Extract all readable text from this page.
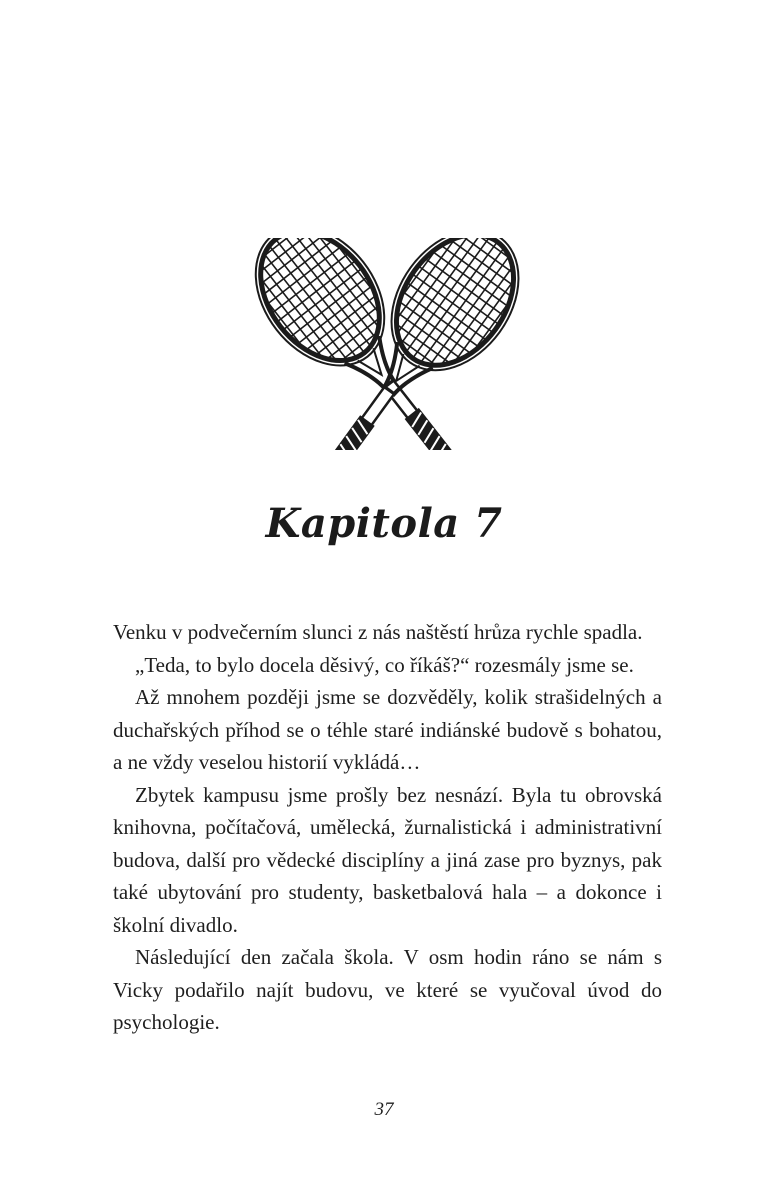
Kapitola 7

Venku v podvečerním slunci z nás naštěstí hrůza rychle spadla.

„Teda, to bylo docela děsivý, co říkáš?“ rozesmály jsme se.

Až mnohem později jsme se dozvěděly, kolik strašidelných a duchařských příhod se o téhle staré indiánské budově s bohatou, a ne vždy veselou historií vykládá…

Zbytek kampusu jsme prošly bez nesnází. Byla tu obrovská knihovna, počítačová, umělecká, žurnalistická i administrativní budova, další pro vědecké disciplíny a jiná zase pro byznys, pak také ubytování pro studenty, basketbalová hala – a dokonce i školní divadlo.

Následující den začala škola. V osm hodin ráno se nám s Vicky podařilo najít budovu, ve které se vyučoval úvod do psychologie.

37
